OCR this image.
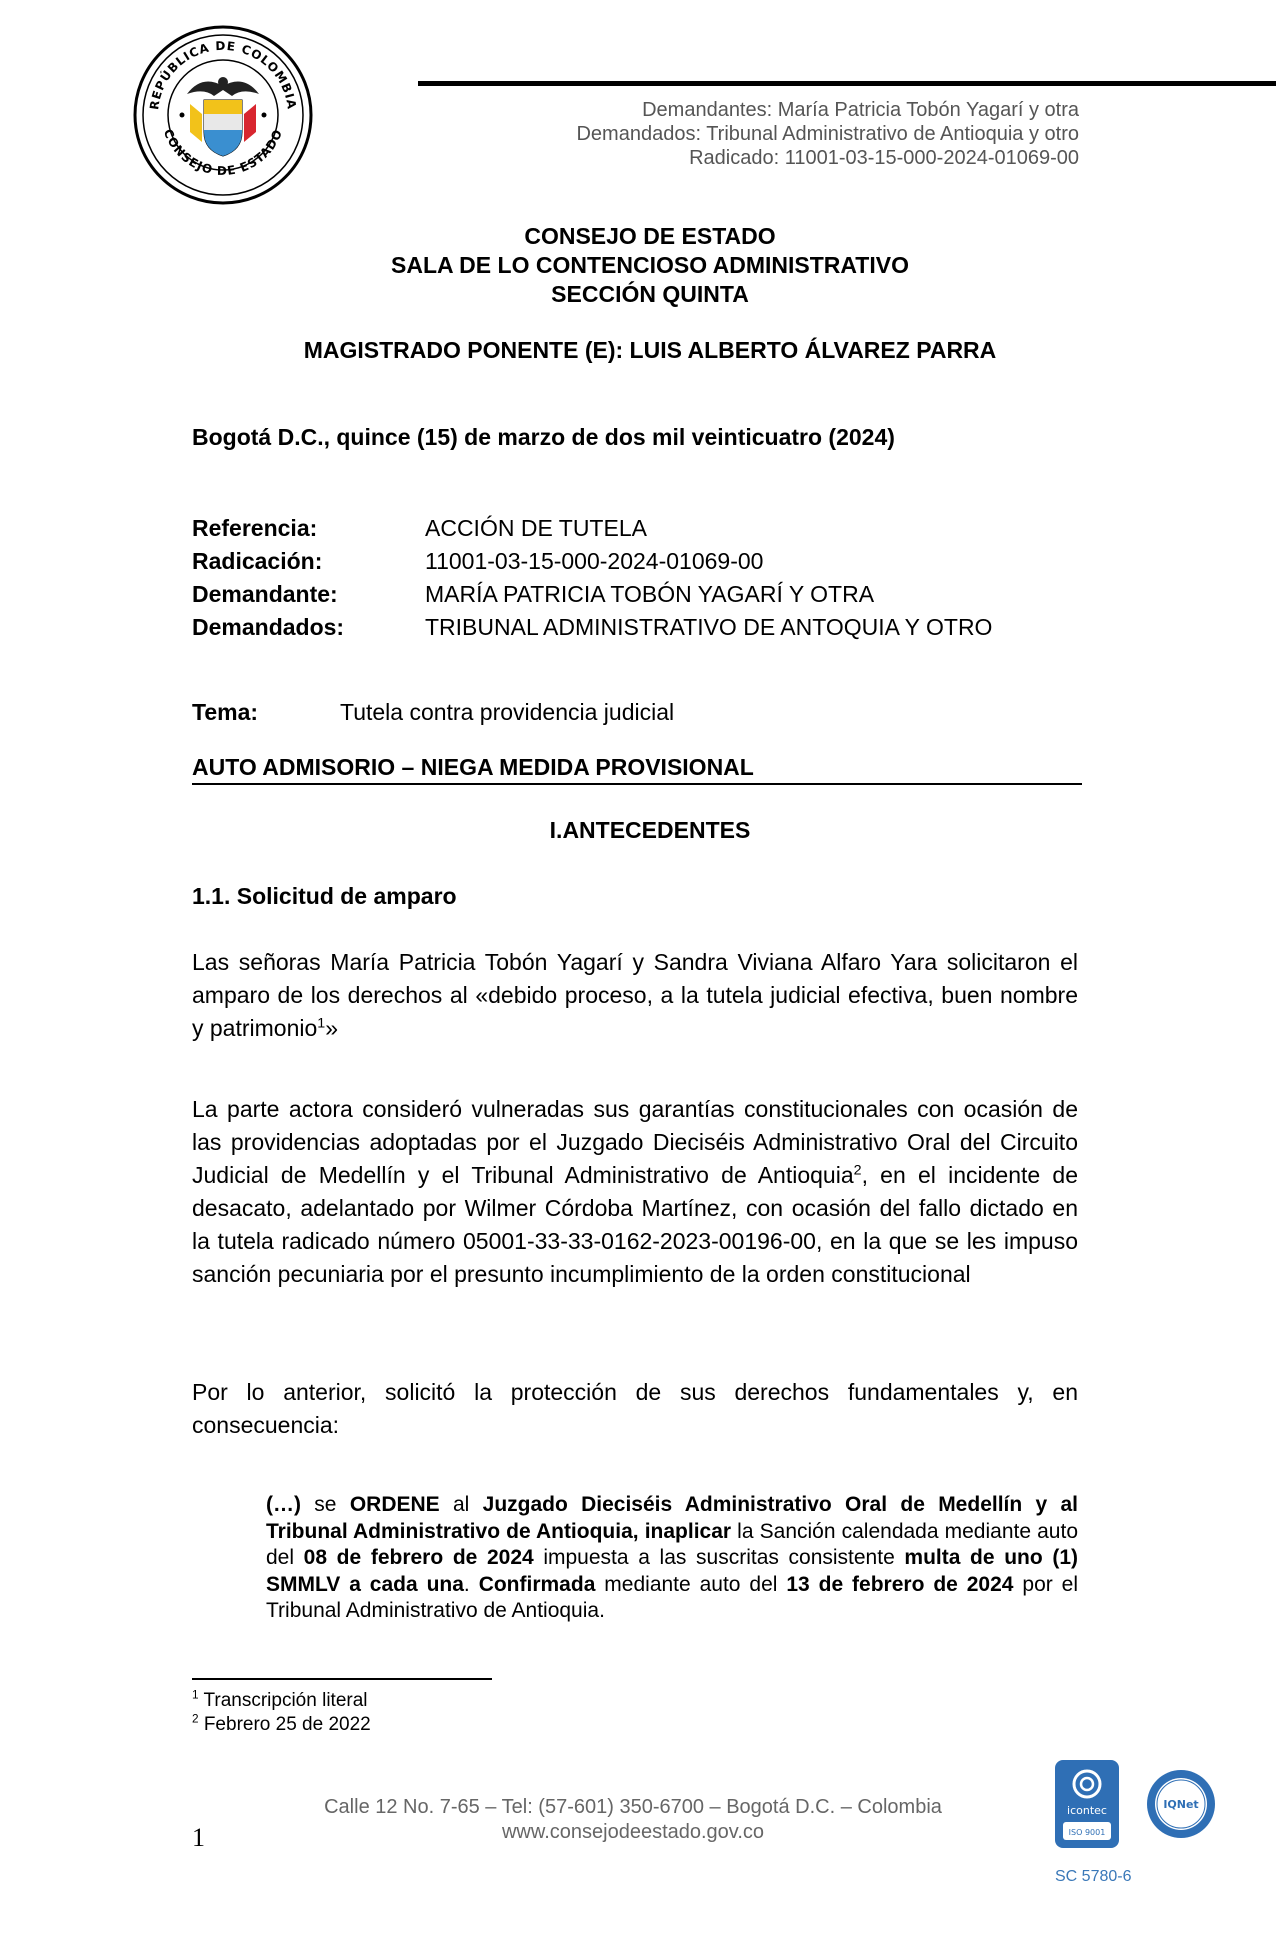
REPÚBLICA DE COLOMBIA
CONSEJO DE ESTADO
Demandantes: María Patricia Tobón Yagarí y otra
Demandados: Tribunal Administrativo de Antioquia y otro
Radicado: 11001-03-15-000-2024-01069-00
CONSEJO DE ESTADO
SALA DE LO CONTENCIOSO ADMINISTRATIVO
SECCIÓN QUINTA
MAGISTRADO PONENTE (E): LUIS ALBERTO ÁLVAREZ PARRA
Bogotá D.C., quince (15) de marzo de dos mil veinticuatro (2024)
Referencia:	ACCIÓN DE TUTELA
Radicación:	11001-03-15-000-2024-01069-00
Demandante:	MARÍA PATRICIA TOBÓN YAGARÍ Y OTRA
Demandados:	TRIBUNAL ADMINISTRATIVO DE ANTOQUIA Y OTRO
Tema:	Tutela contra providencia judicial
AUTO ADMISORIO – NIEGA MEDIDA PROVISIONAL
I.ANTECEDENTES
1.1. Solicitud de amparo
Las señoras María Patricia Tobón Yagarí y Sandra Viviana Alfaro Yara solicitaron el amparo de los derechos al «debido proceso, a la tutela judicial efectiva, buen nombre y patrimonio$^1$»
La parte actora consideró vulneradas sus garantías constitucionales con ocasión de las providencias adoptadas por el Juzgado Dieciséis Administrativo Oral del Circuito Judicial de Medellín y el Tribunal Administrativo de Antioquia$^2$, en el incidente de desacato, adelantado por Wilmer Córdoba Martínez, con ocasión del fallo dictado en la tutela radicado número 05001-33-33-0162-2023-00196-00, en la que se les impuso sanción pecuniaria por el presunto incumplimiento de la orden constitucional
Por lo anterior, solicitó la protección de sus derechos fundamentales y, en consecuencia:
(…) se ORDENE al Juzgado Dieciséis Administrativo Oral de Medellín y al Tribunal Administrativo de Antioquia, inaplicar la Sanción calendada mediante auto del 08 de febrero de 2024 impuesta a las suscritas consistente multa de uno (1) SMMLV a cada una. Confirmada mediante auto del 13 de febrero de 2024 por el Tribunal Administrativo de Antioquia.
$^1$ Transcripción literal
$^2$ Febrero 25 de 2022
Calle 12 No. 7-65 – Tel: (57-601) 350-6700 – Bogotá D.C. – Colombia
www.consejodeestado.gov.co
1
icontec
ISO 9001
IQNet
SC 5780-6
